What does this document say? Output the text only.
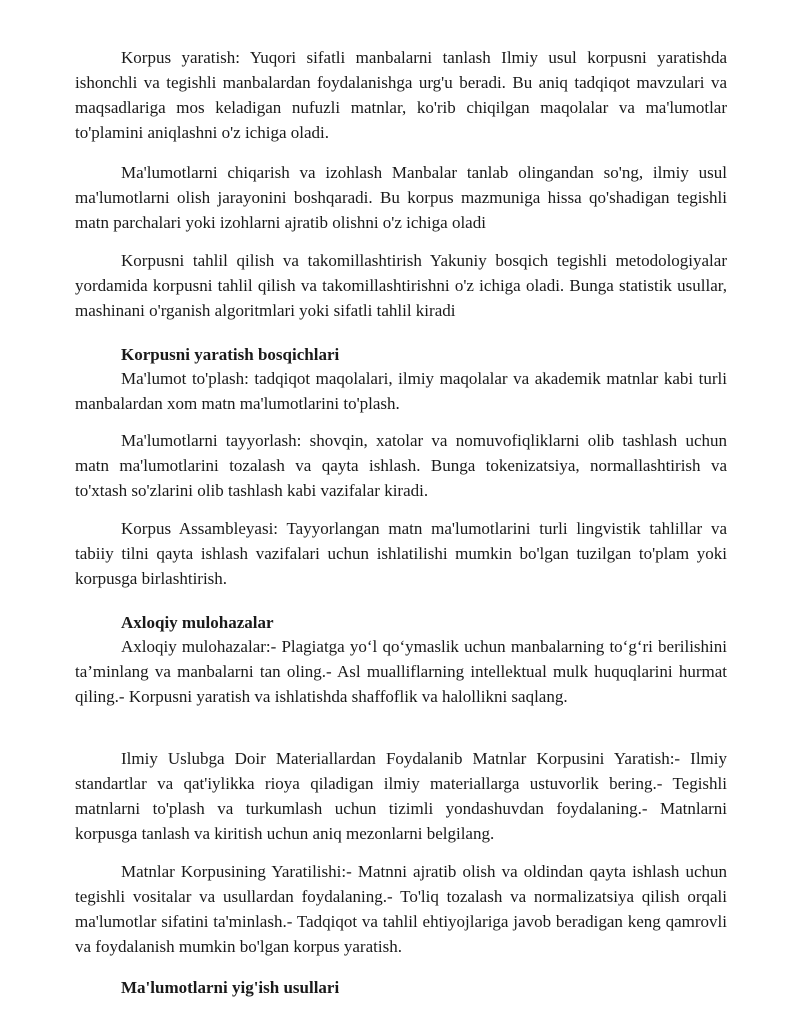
Korpus yaratish: Yuqori sifatli manbalarni tanlash Ilmiy usul korpusni yaratishda ishonchli va tegishli manbalardan foydalanishga urg'u beradi. Bu aniq tadqiqot mavzulari va maqsadlariga mos keladigan nufuzli matnlar, ko'rib chiqilgan maqolalar va ma'lumotlar to'plamini aniqlashni o'z ichiga oladi.

Ma'lumotlarni chiqarish va izohlash Manbalar tanlab olingandan so'ng, ilmiy usul ma'lumotlarni olish jarayonini boshqaradi. Bu korpus mazmuniga hissa qo'shadigan tegishli matn parchalari yoki izohlarni ajratib olishni o'z ichiga oladi

Korpusni tahlil qilish va takomillashtirish Yakuniy bosqich tegishli metodologiyalar yordamida korpusni tahlil qilish va takomillashtirishni o'z ichiga oladi. Bunga statistik usullar, mashinani o'rganish algoritmlari yoki sifatli tahlil kiradi

Korpusni yaratish bosqichlari

Ma'lumot to'plash: tadqiqot maqolalari, ilmiy maqolalar va akademik matnlar kabi turli manbalardan xom matn ma'lumotlarini to'plash.

Ma'lumotlarni tayyorlash: shovqin, xatolar va nomuvofiqliklarni olib tashlash uchun matn ma'lumotlarini tozalash va qayta ishlash. Bunga tokenizatsiya, normallashtirish va to'xtash so'zlarini olib tashlash kabi vazifalar kiradi.

Korpus Assambleyasi: Tayyorlangan matn ma'lumotlarini turli lingvistik tahlillar va tabiiy tilni qayta ishlash vazifalari uchun ishlatilishi mumkin bo'lgan tuzilgan to'plam yoki korpusga birlashtirish.

Axloqiy mulohazalar

Axloqiy mulohazalar:- Plagiatga yo‘l qo‘ymaslik uchun manbalarning to‘g‘ri berilishini ta’minlang va manbalarni tan oling.- Asl mualliflarning intellektual mulk huquqlarini hurmat qiling.- Korpusni yaratish va ishlatishda shaffoflik va halollikni saqlang.

Ilmiy Uslubga Doir Materiallardan Foydalanib Matnlar Korpusini Yaratish:- Ilmiy standartlar va qat'iylikka rioya qiladigan ilmiy materiallarga ustuvorlik bering.- Tegishli matnlarni to'plash va turkumlash uchun tizimli yondashuvdan foydalaning.- Matnlarni korpusga tanlash va kiritish uchun aniq mezonlarni belgilang.

Matnlar Korpusining Yaratilishi:- Matnni ajratib olish va oldindan qayta ishlash uchun tegishli vositalar va usullardan foydalaning.- To'liq tozalash va normalizatsiya qilish orqali ma'lumotlar sifatini ta'minlash.- Tadqiqot va tahlil ehtiyojlariga javob beradigan keng qamrovli va foydalanish mumkin bo'lgan korpus yaratish.

Ma'lumotlarni yig'ish usullari
